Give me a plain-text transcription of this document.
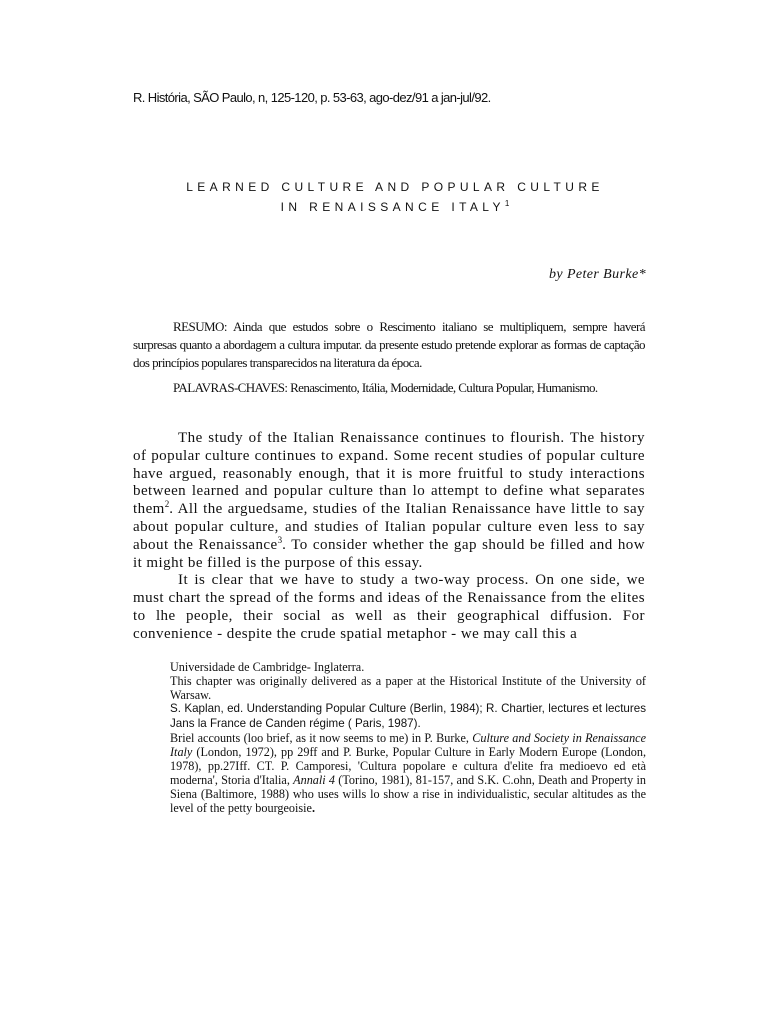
R. História, SÃO Paulo, n, 125-120, p. 53-63, ago-dez/91 a jan-jul/92.
LEARNED CULTURE AND POPULAR CULTURE
IN RENAISSANCE ITALY$^1$
by Peter Burke*

RESUMO: Ainda que estudos sobre o Rescimento italiano se multipliquem, sempre haverá surpresas quanto a abordagem a cultura imputar. da presente estudo pretende explorar as formas de captação dos princípios populares transparecidos na literatura da época.

PALAVRAS-CHAVES: Renascimento, Itália, Modernidade, Cultura Popular, Humanismo.

The study of the Italian Renaissance continues to flourish. The history of popular culture continues to expand. Some recent studies of popular culture have argued, reasonably enough, that it is more fruitful to study interactions between learned and popular culture than lo attempt to define what separates them$^2$. All the arguedsame, studies of the Italian Renaissance have little to say about popular culture, and studies of Italian popular culture even less to say about the Renaissance$^3$. To consider whether the gap should be filled and how it might be filled is the purpose of this essay.

It is clear that we have to study a two-way process. On one side, we must chart the spread of the forms and ideas of the Renaissance from the elites to lhe people, their social as well as their geographical diffusion. For convenience - despite the crude spatial metaphor - we may call this a

Universidade de Cambridge- Inglaterra.

This chapter was originally delivered as a paper at the Historical Institute of the University of Warsaw.

S. Kaplan, ed. Understanding Popular Culture (Berlin, 1984); R. Chartier, lectures et lectures Jans la France de Canden régime ( Paris, 1987).

Briel accounts (loo brief, as it now seems to me) in P. Burke, Culture and Society in Renaissance Italy (London, 1972), pp 29ff and P. Burke, Popular Culture in Early Modern Europe (London, 1978), pp.27Iff. CT. P. Camporesi, 'Cultura popolare e cultura d'elite fra medioevo ed età moderna', Storia d'Italia, Annali 4 (Torino, 1981), 81-157, and S.K. C.ohn, Death and Property in Siena (Baltimore, 1988) who uses wills lo show a rise in individualistic, secular altitudes as the level of the petty bourgeoisie.
